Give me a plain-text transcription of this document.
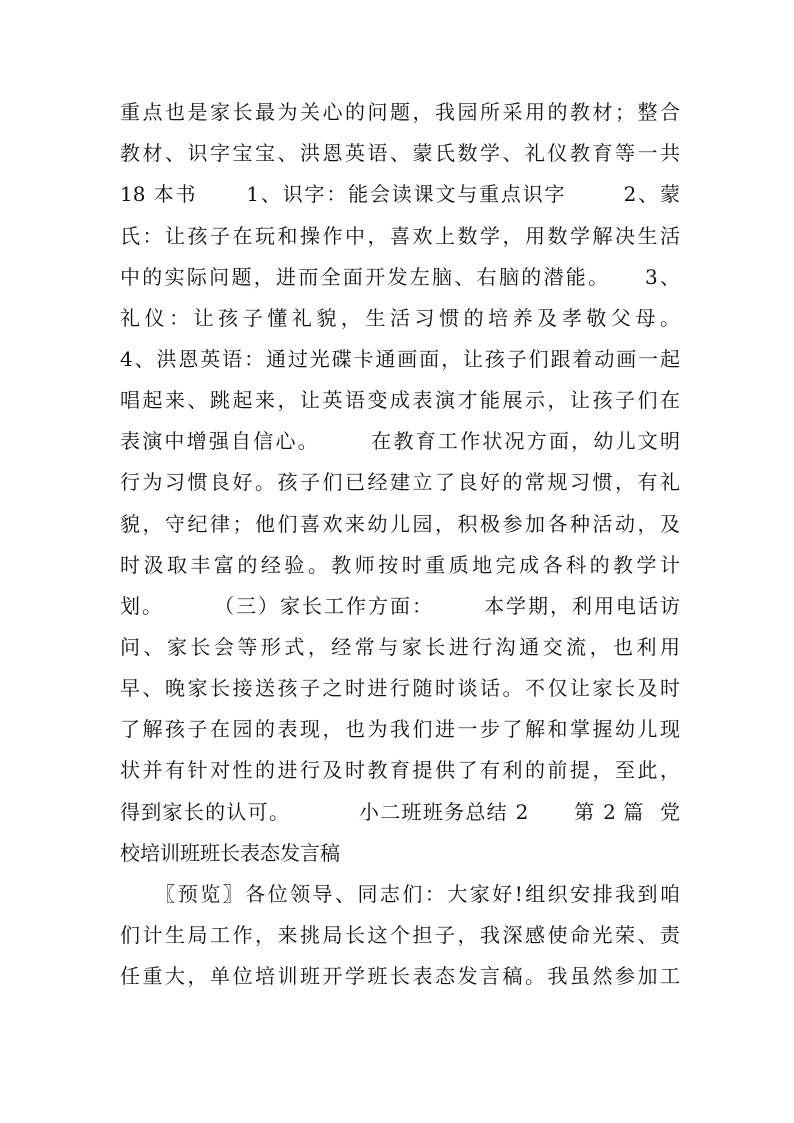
重点也是家长最为关心的问题，我园所采用的教材；整合
教材、识字宝宝、洪恩英语、蒙氏数学、礼仪教育等一共
18 本书      1、识字：能会读课文与重点识字       2、蒙
氏：让孩子在玩和操作中，喜欢上数学，用数学解决生活
中的实际问题，进而全面开发左脑、右脑的潜能。    3、
礼仪：让孩子懂礼貌，生活习惯的培养及孝敬父母。
4、洪恩英语：通过光碟卡通画面，让孩子们跟着动画一起
唱起来、跳起来，让英语变成表演才能展示，让孩子们在
表演中增强自信心。      在教育工作状况方面，幼儿文明
行为习惯良好。孩子们已经建立了良好的常规习惯，有礼
貌，守纪律；他们喜欢来幼儿园，积极参加各种活动，及
时汲取丰富的经验。教师按时重质地完成各科的教学计
划。      （三）家长工作方面：      本学期，利用电话访
问、家长会等形式，经常与家长进行沟通交流，也利用
早、晚家长接送孩子之时进行随时谈话。不仅让家长及时
了解孩子在园的表现，也为我们进一步了解和掌握幼儿现
状并有针对性的进行及时教育提供了有利的前提，至此，
得到家长的认可。         小二班班务总结 2      第 2 篇  党
校培训班班长表态发言稿
〖预览〗各位领导、同志们：大家好!组织安排我到咱
们计生局工作，来挑局长这个担子，我深感使命光荣、责
任重大，单位培训班开学班长表态发言稿。我虽然参加工
